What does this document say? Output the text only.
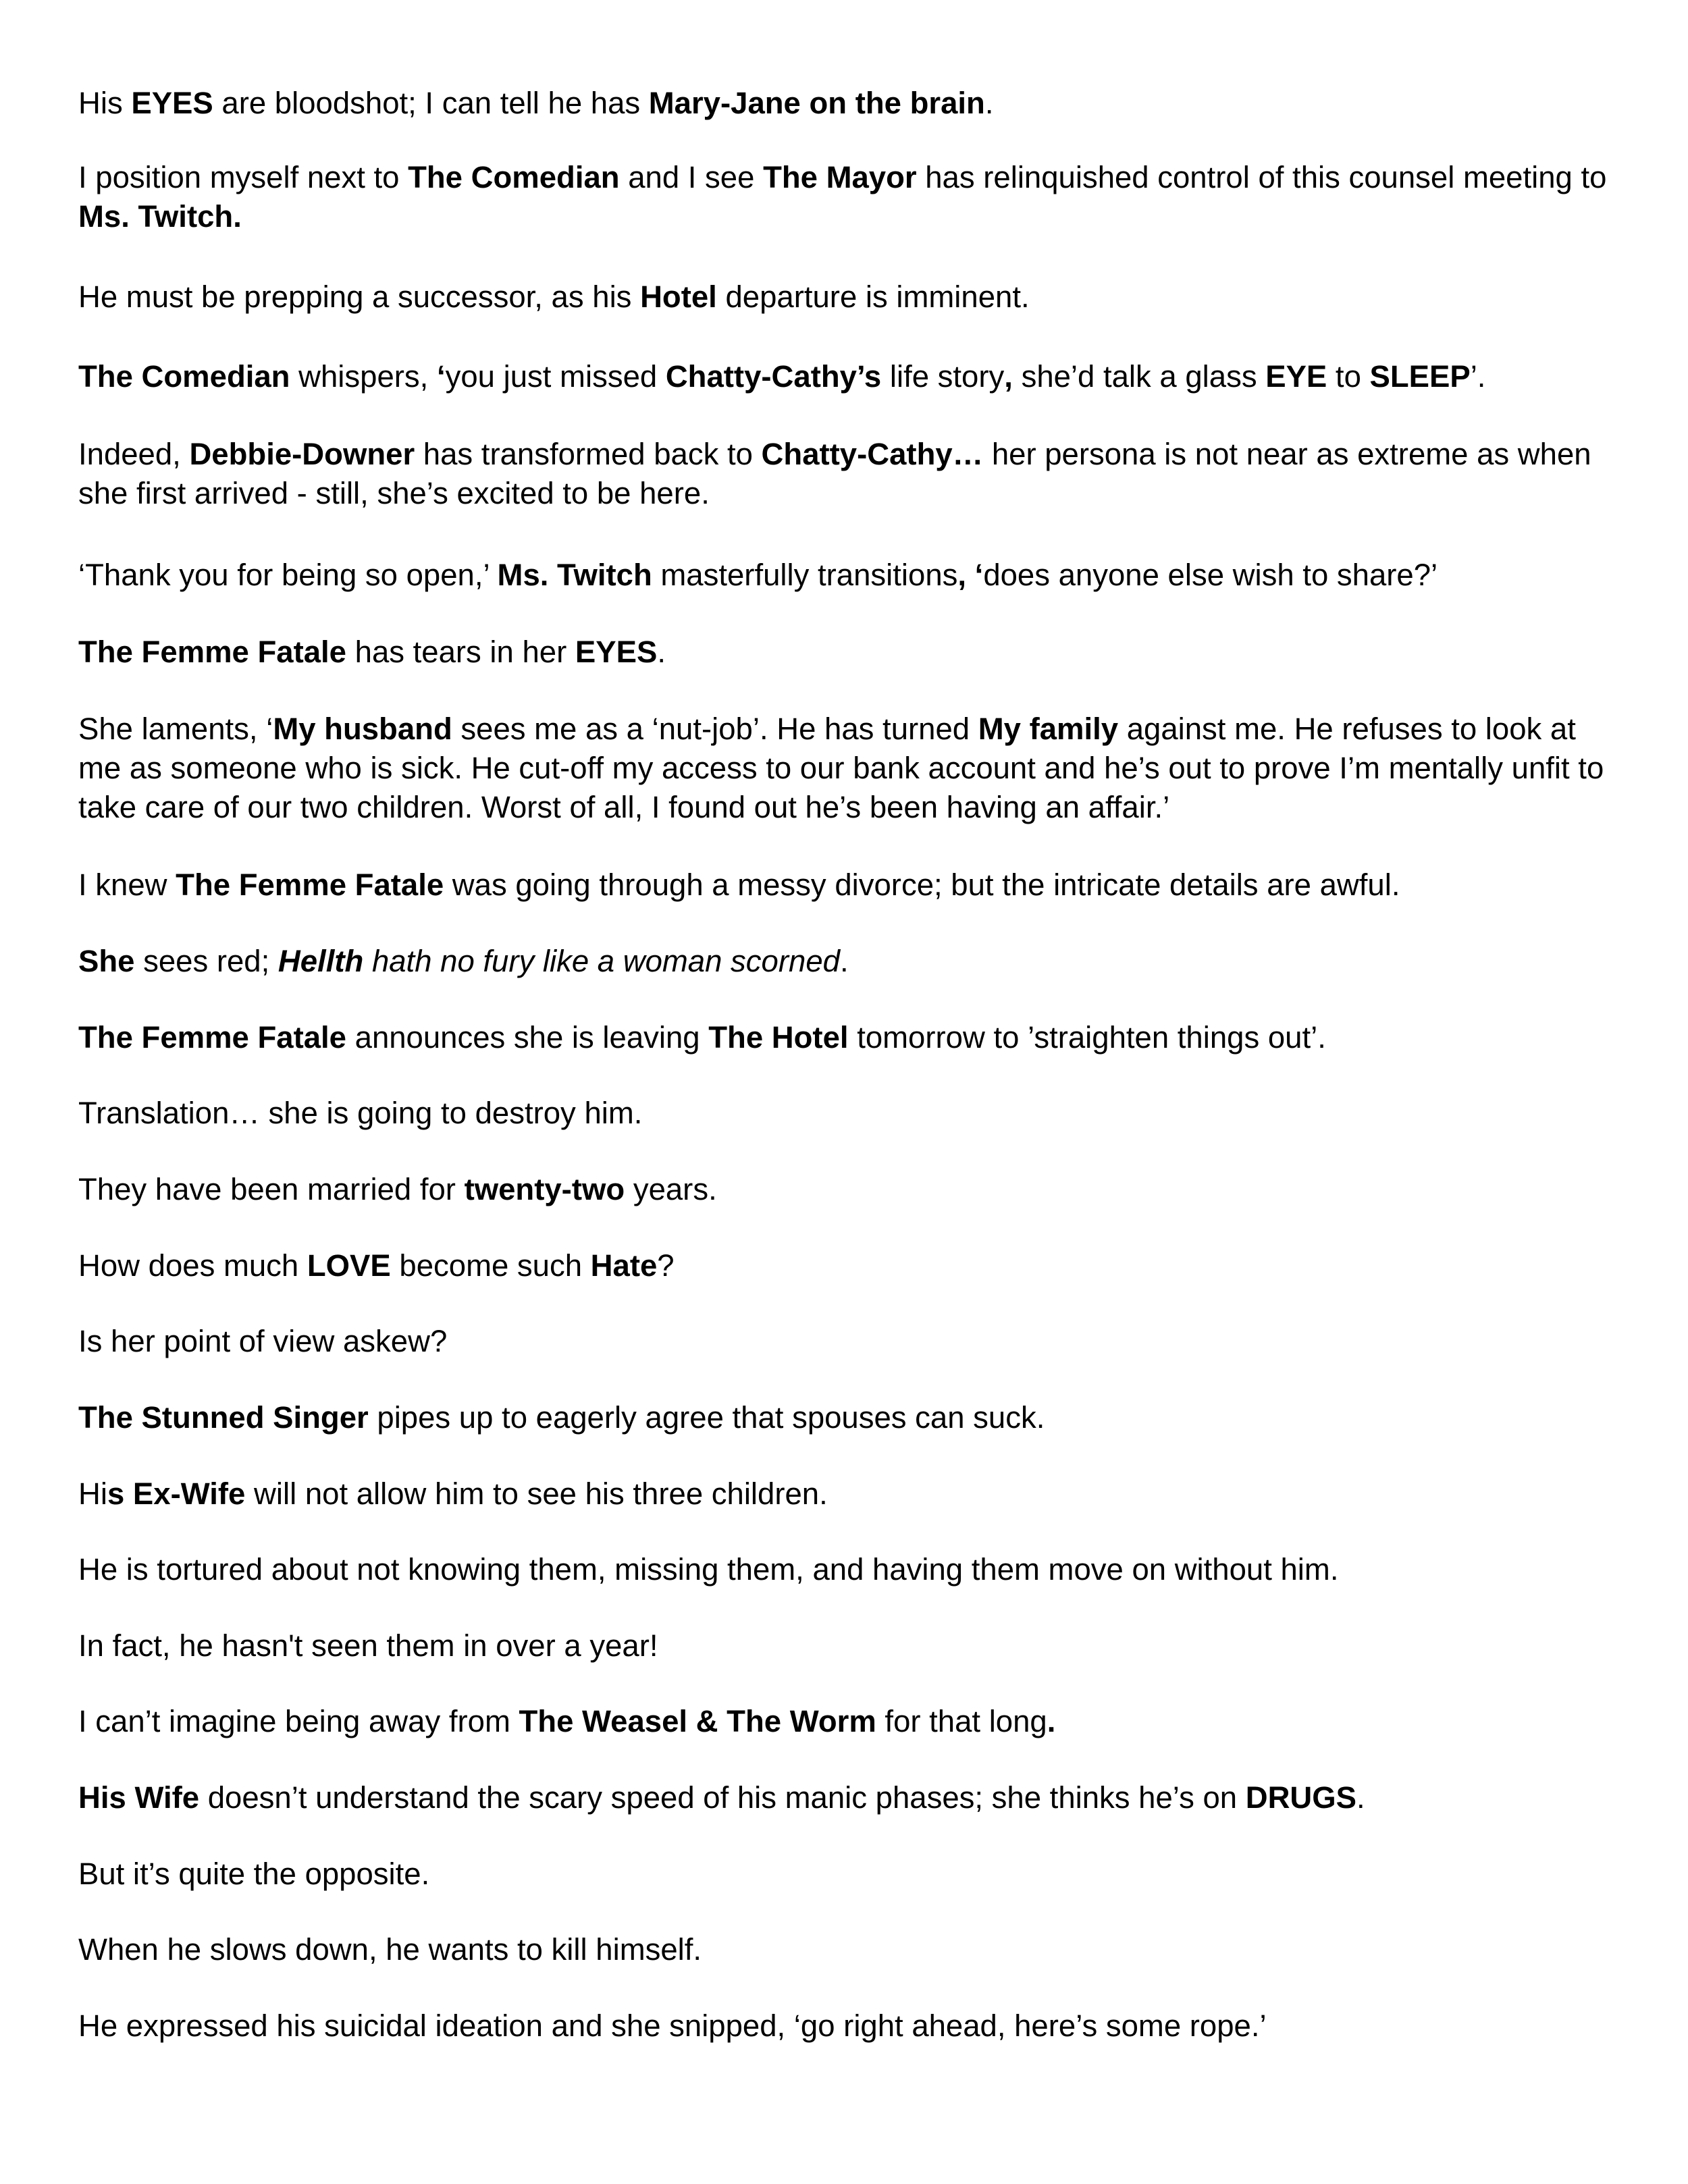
His EYES are bloodshot; I can tell he has Mary-Jane on the brain.

I position myself next to The Comedian and I see The Mayor has relinquished control of this counsel meeting to Ms. Twitch.

He must be prepping a successor, as his Hotel departure is imminent.

The Comedian whispers, ‘you just missed Chatty-Cathy’s life story, she’d talk a glass EYE to SLEEP’.

Indeed, Debbie-Downer has transformed back to Chatty-Cathy… her persona is not near as extreme as when she first arrived - still, she’s excited to be here.

‘Thank you for being so open,’ Ms. Twitch masterfully transitions, ‘does anyone else wish to share?’

The Femme Fatale has tears in her EYES.

She laments, ‘My husband sees me as a ‘nut-job’. He has turned My family against me. He refuses to look at me as someone who is sick. He cut-off my access to our bank account and he’s out to prove I’m mentally unfit to take care of our two children. Worst of all, I found out he’s been having an affair.’

I knew The Femme Fatale was going through a messy divorce; but the intricate details are awful.

She sees red; Hellth hath no fury like a woman scorned.

The Femme Fatale announces she is leaving The Hotel tomorrow to ’straighten things out’.

Translation… she is going to destroy him.

They have been married for twenty-two years.

How does much LOVE become such Hate?

Is her point of view askew?

The Stunned Singer pipes up to eagerly agree that spouses can suck.

His Ex-Wife will not allow him to see his three children.

He is tortured about not knowing them, missing them, and having them move on without him.

In fact, he hasn't seen them in over a year!

I can’t imagine being away from The Weasel & The Worm for that long.

His Wife doesn’t understand the scary speed of his manic phases; she thinks he’s on DRUGS.

But it’s quite the opposite.

When he slows down, he wants to kill himself.

He expressed his suicidal ideation and she snipped, ‘go right ahead, here’s some rope.’
